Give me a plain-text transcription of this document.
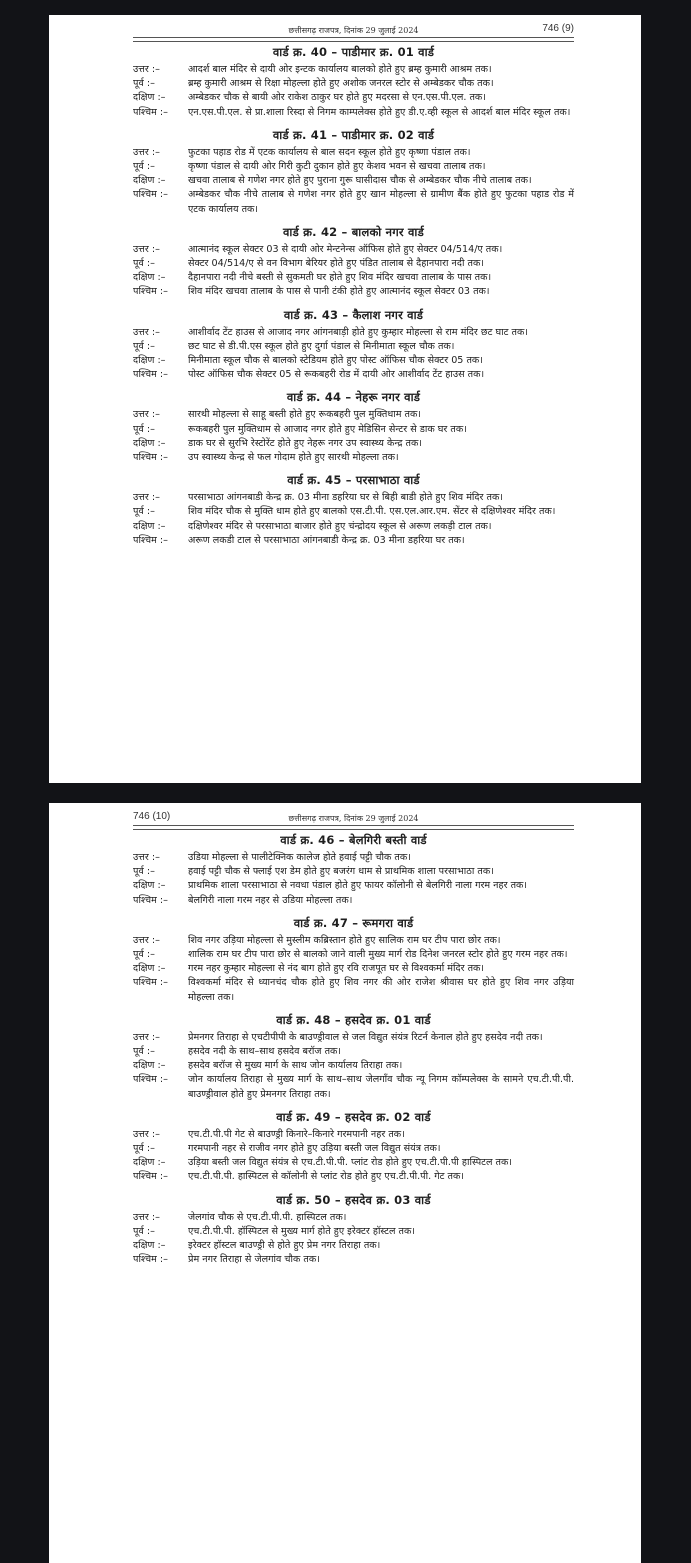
छत्तीसगढ़ राजपत्र, दिनांक 29 जुलाई 2024	746 (9)
वार्ड क्र. 40 – पाडीमार क्र. 01 वार्ड
उत्तर :–	आदर्श बाल मंदिर से दायी ओर इन्टक कार्यालय बालको होते हुए ब्रम्ह कुमारी आश्रम तक।
पूर्व :–	ब्रम्ह कुमारी आश्रम से रिक्षा मोहल्ला होते हुए अशोक जनरल स्टोर से अम्बेडकर चौक तक।
दक्षिण :–	अम्बेडकर चौक से बायी ओर राकेश ठाकुर घर होते हुए मदरसा से एन.एस.पी.एल. तक।
पश्चिम :–	एन.एस.पी.एल. से प्रा.शाला रिस्दा से निगम काम्पलेक्स होते हुए डी.ए.व्ही स्कूल से आदर्श बाल मंदिर स्कूल तक।
वार्ड क्र. 41 – पाडीमार क्र. 02 वार्ड
उत्तर :–	फुटका पहाड रोड में एटक कार्यालय से बाल सदन स्कूल होते हुए कृष्णा पंडाल तक।
पूर्व :–	कृष्णा पंडाल से दायी ओर गिरी कुटी दुकान होते हुए केशव भवन से खचवा तालाब तक।
दक्षिण :–	खचवा तालाब से गणेश नगर होते हुए पुराना गुरू घासीदास चौक से अम्बेडकर चौक नीचे तालाब तक।
पश्चिम :–	अम्बेडकर चौक नीचे तालाब से गणेश नगर होते हुए खान मोहल्ला से ग्रामीण बैंक होते हुए फुटका पहाड रोड में एटक कार्यालय तक।
वार्ड क्र. 42 – बालको नगर वार्ड
उत्तर :–	आत्मानंद स्कूल सेक्टर 03 से दायी ओर मेन्टनेन्स ऑफिस होते हुए सेक्टर 04/514/ए तक।
पूर्व :–	सेक्टर 04/514/ए से वन विभाग बेरियर होते हुए पंडित तालाब से दैहानपारा नदी तक।
दक्षिण :–	दैहानपारा नदी नीचे बस्ती से सुकमती घर होते हुए शिव मंदिर खचवा तालाब के पास तक।
पश्चिम :–	शिव मंदिर खचवा तालाब के पास से पानी टंकी होते हुए आत्मानंद स्कूल सेक्टर 03 तक।
वार्ड क्र. 43 – कैलाश नगर वार्ड
उत्तर :–	आशीर्वाद टेंट हाउस से आजाद नगर आंगनबाड़ी होते हुए कुम्हार मोहल्ला से राम मंदिर छट घाट तक।
पूर्व :–	छट घाट से डी.पी.एस स्कूल होते हुए दुर्गा पंडाल से मिनीमाता स्कूल चौक तक।
दक्षिण :–	मिनीमाता स्कूल चौक से बालको स्टेडियम होते हुए पोस्ट ऑफिस चौक सेक्टर 05 तक।
पश्चिम :–	पोस्ट ऑफिस चौक सेक्टर 05 से रूकबहरी रोड में दायी ओर आशीर्वाद टेंट हाउस तक।
वार्ड क्र. 44 – नेहरू नगर वार्ड
उत्तर :–	सारथी मोहल्ला से साहू बस्ती होते हुए रूकबहरी पुल मुक्तिधाम तक।
पूर्व :–	रूकबहरी पुल मुक्तिधाम से आजाद नगर होते हुए मेडिसिन सेन्टर से डाक घर तक।
दक्षिण :–	डाक घर से सुरभि रेस्टोरेंट होते हुए नेहरू नगर उप स्वास्थ्य केन्द्र तक।
पश्चिम :–	उप स्वास्थ्य केन्द्र से फल गोदाम होते हुए सारथी मोहल्ला तक।
वार्ड क्र. 45 – परसाभाठा वार्ड
उत्तर :–	परसाभाठा आंगनबाडी केन्द्र क्र. 03 मीना डहरिया घर से बिही बाडी होते हुए शिव मंदिर तक।
पूर्व :–	शिव मंदिर चौक से मुक्ति धाम होते हुए बालको एस.टी.पी. एस.एल.आर.एम. सेंटर से दक्षिणेश्वर मंदिर तक।
दक्षिण :–	दक्षिणेश्वर मंदिर से परसाभाठा बाजार होते हुए चंन्द्रोदय स्कूल से अरूण लकड़ी टाल तक।
पश्चिम :–	अरूण लकडी टाल से परसाभाठा आंगनबाडी केन्द्र क्र. 03 मीना डहरिया घर तक।
746 (10)	छत्तीसगढ़ राजपत्र, दिनांक 29 जुलाई 2024
वार्ड क्र. 46 – बेलगिरी बस्ती वार्ड
उत्तर :–	उडिया मोहल्ला से पालीटेक्निक कालेज होते हवाई पट्टी चौक तक।
पूर्व :–	हवाई पट्टी चौक से फ्लाई एश डेम होते हुए बजरंग धाम से प्राथमिक शाला परसाभाठा तक।
दक्षिण :–	प्राथमिक शाला परसाभाठा से नवधा पंडाल होते हुए फायर कॉलोनी से बेलगिरी नाला गरम नहर तक।
पश्चिम :–	बेलगिरी नाला गरम नहर से उडिया मोहल्ला तक।
वार्ड क्र. 47 – रूमगरा वार्ड
उत्तर :–	शिव नगर उड़िया मोहल्ला से मुस्लीम कब्रिस्तान होते हुए सालिक राम घर टीप पारा छोर तक।
पूर्व :–	शालिक राम घर टीप पारा छोर से बालको जाने वाली मुख्य मार्ग रोड दिनेश जनरल स्टोर होते हुए गरम नहर तक।
दक्षिण :–	गरम नहर कुम्हार मोहल्ला से नंद बाग होते हुए रवि राजपूत घर से विश्वकर्मा मंदिर तक।
पश्चिम :–	विश्वकर्मा मंदिर से ध्यानचंद चौक होते हुए शिव नगर की ओर राजेश श्रीवास घर होते हुए शिव नगर उड़िया मोहल्ला तक।
वार्ड क्र. 48 – हसदेव क्र. 01 वार्ड
उत्तर :–	प्रेमनगर तिराहा से एचटीपीपी के बाउण्ड्रीवाल से जल विद्युत संयंत्र रिटर्न केनाल होते हुए हसदेव नदी तक।
पूर्व :–	हसदेव नदी के साथ–साथ हसदेव बरॉज तक।
दक्षिण :–	हसदेव बरॉज से मुख्य मार्ग के साथ जोन कार्यालय तिराहा तक।
पश्चिम :–	जोन कार्यालय तिराहा से मुख्य मार्ग के साथ–साथ जेलगाँव चौक न्यू निगम कॉम्पलेक्स के सामने एच.टी.पी.पी. बाउण्ड्रीवाल होते हुए प्रेमनगर तिराहा तक।
वार्ड क्र. 49 – हसदेव क्र. 02 वार्ड
उत्तर :–	एच.टी.पी.पी गेट से बाउण्ड्री किनारे–किनारे गरमपानी नहर तक।
पूर्व :–	गरमपानी नहर से राजीव नगर होते हुए उड़िया बस्ती जल विद्युत संयंत्र तक।
दक्षिण :–	उड़िया बस्ती जल विद्युत संयंत्र से एच.टी.पी.पी. प्लांट रोड होते हुए एच.टी.पी.पी हास्पिटल तक।
पश्चिम :–	एच.टी.पी.पी. हास्पिटल से कॉलोनी से प्लांट रोड होते हुए एच.टी.पी.पी. गेट तक।
वार्ड क्र. 50 – हसदेव क्र. 03 वार्ड
उत्तर :–	जेलगांव चौक से एच.टी.पी.पी. हास्पिटल तक।
पूर्व :–	एच.टी.पी.पी. हॉस्पिटल से मुख्य मार्ग होते हुए इरेक्टर हॉस्टल तक।
दक्षिण :–	इरेक्टर हॉस्टल बाउण्ड्री से होते हुए प्रेम नगर तिराहा तक।
पश्चिम :–	प्रेम नगर तिराहा से जेलगांव चौक तक।
